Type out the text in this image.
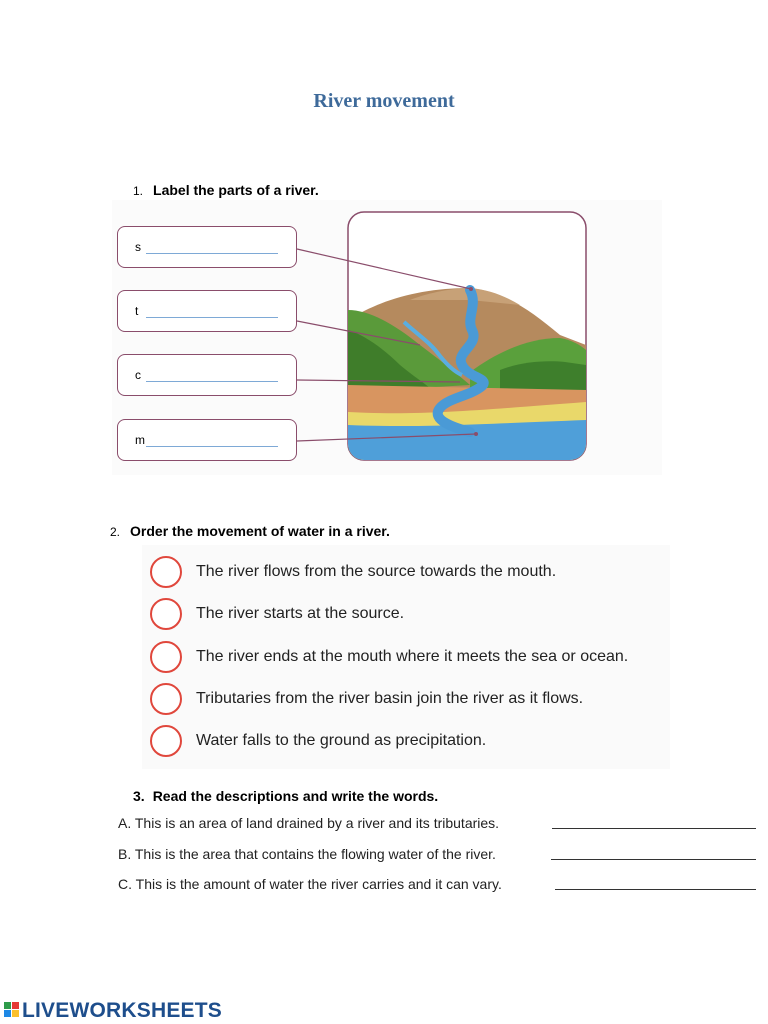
River movement
1. Label the parts of a river.
s
t
c
m
2. Order the movement of water in a river.
The river flows from the source towards the mouth.
The river starts at the source.
The river ends at the mouth where it meets the sea or ocean.
Tributaries from the river basin join the river as it flows.
Water falls to the ground as precipitation.
3. Read the descriptions and write the words.
A. This is an area of land drained by a river and its tributaries.
B. This is the area that contains the flowing water of the river.
C. This is the amount of water the river carries and it can vary.
LIVEWORKSHEETS
